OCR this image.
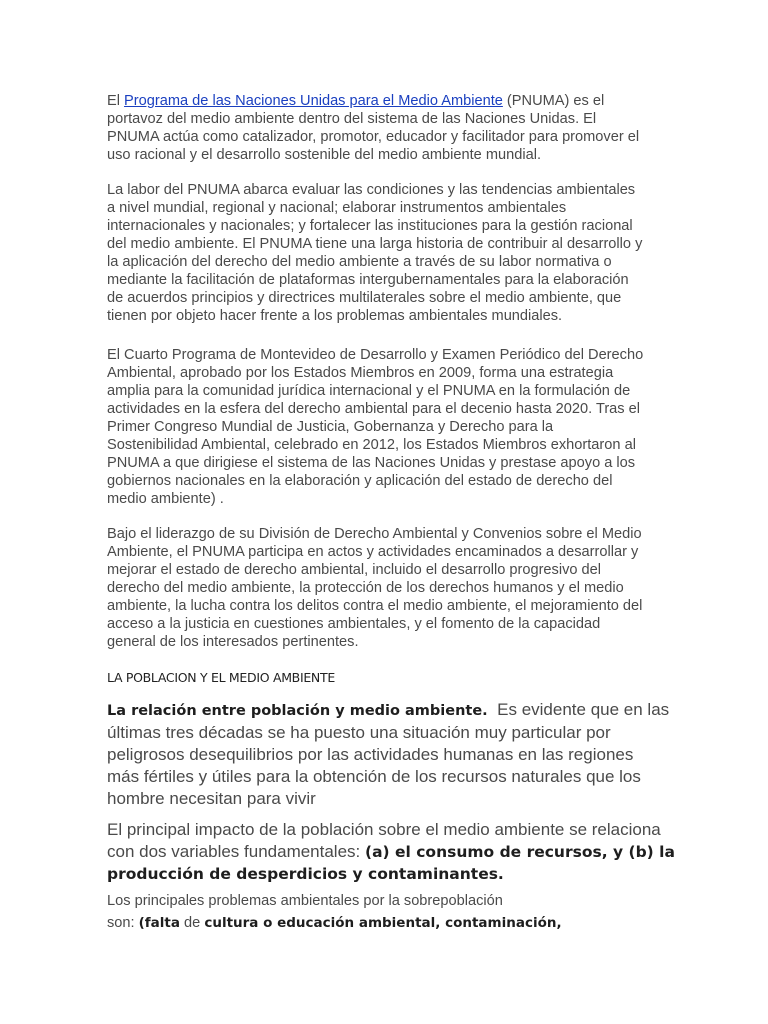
El Programa de las Naciones Unidas para el Medio Ambiente (PNUMA) es el
portavoz del medio ambiente dentro del sistema de las Naciones Unidas. El
PNUMA actúa como catalizador, promotor, educador y facilitador para promover el
uso racional y el desarrollo sostenible del medio ambiente mundial.
La labor del PNUMA abarca evaluar las condiciones y las tendencias ambientales
a nivel mundial, regional y nacional; elaborar instrumentos ambientales
internacionales y nacionales; y fortalecer las instituciones para la gestión racional
del medio ambiente. El PNUMA tiene una larga historia de contribuir al desarrollo y
la aplicación del derecho del medio ambiente a través de su labor normativa o
mediante la facilitación de plataformas intergubernamentales para la elaboración
de acuerdos principios y directrices multilaterales sobre el medio ambiente, que
tienen por objeto hacer frente a los problemas ambientales mundiales.
El Cuarto Programa de Montevideo de Desarrollo y Examen Periódico del Derecho
Ambiental, aprobado por los Estados Miembros en 2009, forma una estrategia
amplia para la comunidad jurídica internacional y el PNUMA en la formulación de
actividades en la esfera del derecho ambiental para el decenio hasta 2020. Tras el
Primer Congreso Mundial de Justicia, Gobernanza y Derecho para la
Sostenibilidad Ambiental, celebrado en 2012, los Estados Miembros exhortaron al
PNUMA a que dirigiese el sistema de las Naciones Unidas y prestase apoyo a los
gobiernos nacionales en la elaboración y aplicación del estado de derecho del
medio ambiente) .
Bajo el liderazgo de su División de Derecho Ambiental y Convenios sobre el Medio
Ambiente, el PNUMA participa en actos y actividades encaminados a desarrollar y
mejorar el estado de derecho ambiental, incluido el desarrollo progresivo del
derecho del medio ambiente, la protección de los derechos humanos y el medio
ambiente, la lucha contra los delitos contra el medio ambiente, el mejoramiento del
acceso a la justicia en cuestiones ambientales, y el fomento de la capacidad
general de los interesados pertinentes.
LA POBLACION Y EL MEDIO AMBIENTE
La relación entre población y medio ambiente.  Es evidente que en las
últimas tres décadas se ha puesto una situación muy particular por
peligrosos desequilibrios por las actividades humanas en las regiones
más fértiles y útiles para la obtención de los recursos naturales que los
hombre necesitan para vivir
El principal impacto de la población sobre el medio ambiente se relaciona
con dos variables fundamentales: (a) el consumo de recursos, y (b) la
producción de desperdicios y contaminantes.
Los principales problemas ambientales por la sobrepoblación
son: (falta de cultura o educación ambiental, contaminación,
